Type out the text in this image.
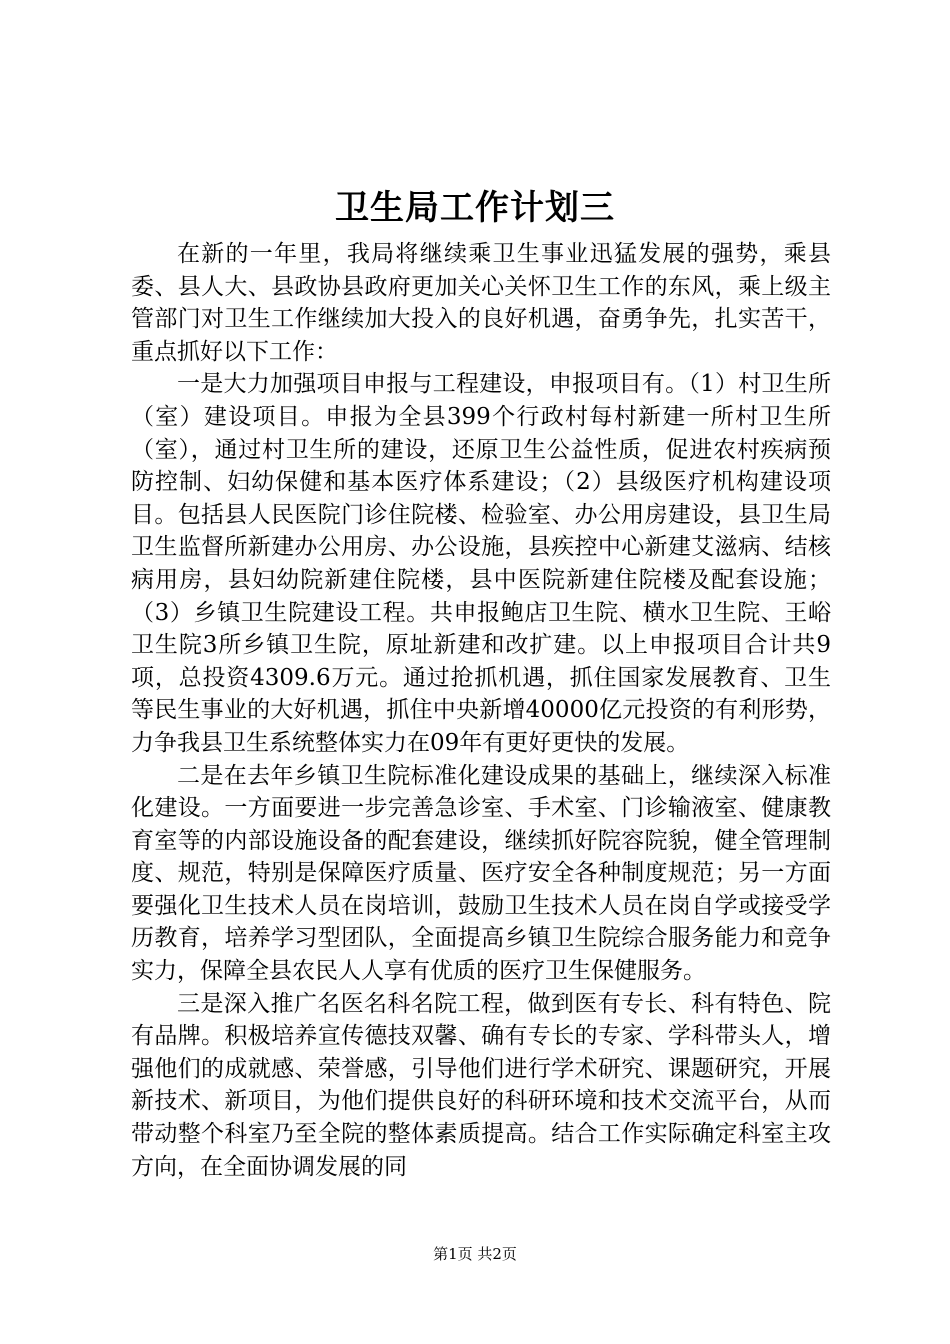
卫生局工作计划三

在新的一年里，我局将继续乘卫生事业迅猛发展的强势，乘县委、县人大、县政协县政府更加关心关怀卫生工作的东风，乘上级主管部门对卫生工作继续加大投入的良好机遇，奋勇争先，扎实苦干，重点抓好以下工作：

一是大力加强项目申报与工程建设，申报项目有。（1）村卫生所（室）建设项目。申报为全县399个行政村每村新建一所村卫生所（室），通过村卫生所的建设，还原卫生公益性质，促进农村疾病预防控制、妇幼保健和基本医疗体系建设；（2）县级医疗机构建设项目。包括县人民医院门诊住院楼、检验室、办公用房建设，县卫生局卫生监督所新建办公用房、办公设施，县疾控中心新建艾滋病、结核病用房，县妇幼院新建住院楼，县中医院新建住院楼及配套设施；（3）乡镇卫生院建设工程。共申报鲍店卫生院、横水卫生院、王峪卫生院3所乡镇卫生院，原址新建和改扩建。以上申报项目合计共9项，总投资4309.6万元。通过抢抓机遇，抓住国家发展教育、卫生等民生事业的大好机遇，抓住中央新增40000亿元投资的有利形势，力争我县卫生系统整体实力在09年有更好更快的发展。

二是在去年乡镇卫生院标准化建设成果的基础上，继续深入标准化建设。一方面要进一步完善急诊室、手术室、门诊输液室、健康教育室等的内部设施设备的配套建设，继续抓好院容院貌，健全管理制度、规范，特别是保障医疗质量、医疗安全各种制度规范；另一方面要强化卫生技术人员在岗培训，鼓励卫生技术人员在岗自学或接受学历教育，培养学习型团队，全面提高乡镇卫生院综合服务能力和竞争实力，保障全县农民人人享有优质的医疗卫生保健服务。

三是深入推广名医名科名院工程，做到医有专长、科有特色、院有品牌。积极培养宣传德技双馨、确有专长的专家、学科带头人，增强他们的成就感、荣誉感，引导他们进行学术研究、课题研究，开展新技术、新项目，为他们提供良好的科研环境和技术交流平台，从而带动整个科室乃至全院的整体素质提高。结合工作实际确定科室主攻方向，在全面协调发展的同

第1页 共2页
